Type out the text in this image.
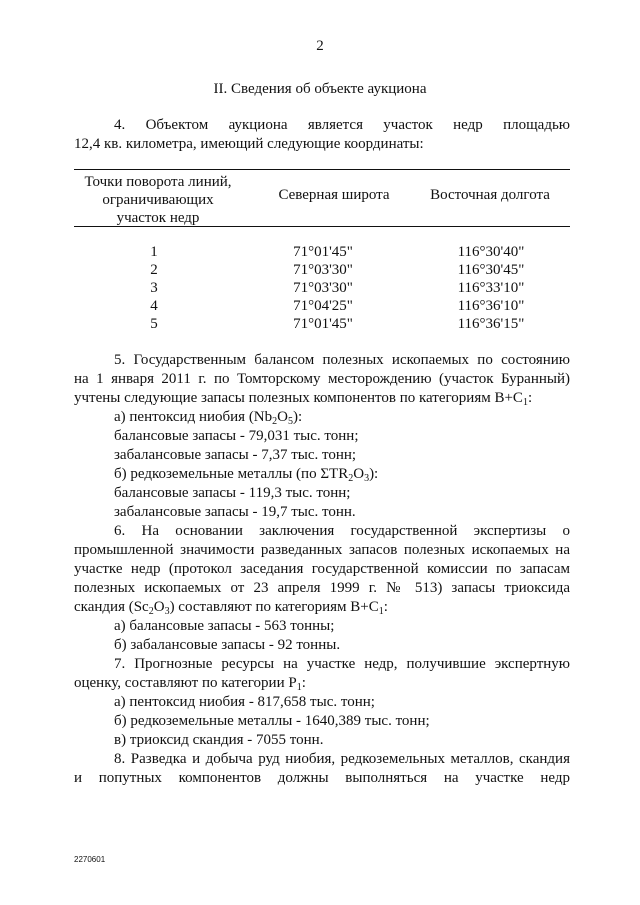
2
II. Сведения об объекте аукциона

4. Объектом аукциона является участок недр площадью

12,4 кв. километра, имеющий следующие координаты:

Точки поворота линий,
ограничивающих
участок недр
Северная широта	Восточная долгота
1	71°01'45"	116°30'40"
2	71°03'30"	116°30'45"
3	71°03'30"	116°33'10"
4	71°04'25"	116°36'10"
5	71°01'45"	116°36'15"

5. Государственным балансом полезных ископаемых по состоянию

на 1 января 2011 г. по Томторскому месторождению (участок Буранный)

учтены следующие запасы полезных компонентов по категориям $B+C_1$:

а) пентоксид ниобия $(Nb_2O_5)$:

балансовые запасы - 79,031 тыс. тонн;

забалансовые запасы - 7,37 тыс. тонн;

б) редкоземельные металлы (по $\Sigma TR_2O_3$):

балансовые запасы - 119,3 тыс. тонн;

забалансовые запасы - 19,7 тыс. тонн.

6. На основании заключения государственной экспертизы о

промышленной значимости разведанных запасов полезных ископаемых на

участке недр (протокол заседания государственной комиссии по запасам

полезных ископаемых от 23 апреля 1999 г. № 513) запасы триоксида

скандия $(Sc_2O_3)$ составляют по категориям $B+C_1$:

а) балансовые запасы - 563 тонны;

б) забалансовые запасы - 92 тонны.

7. Прогнозные ресурсы на участке недр, получившие экспертную

оценку, составляют по категории $P_1$:

а) пентоксид ниобия - 817,658 тыс. тонн;

б) редкоземельные металлы - 1640,389 тыс. тонн;

в) триоксид скандия - 7055 тонн.

8. Разведка и добыча руд ниобия, редкоземельных металлов, скандия

и попутных компонентов должны выполняться на участке недр

2270601
